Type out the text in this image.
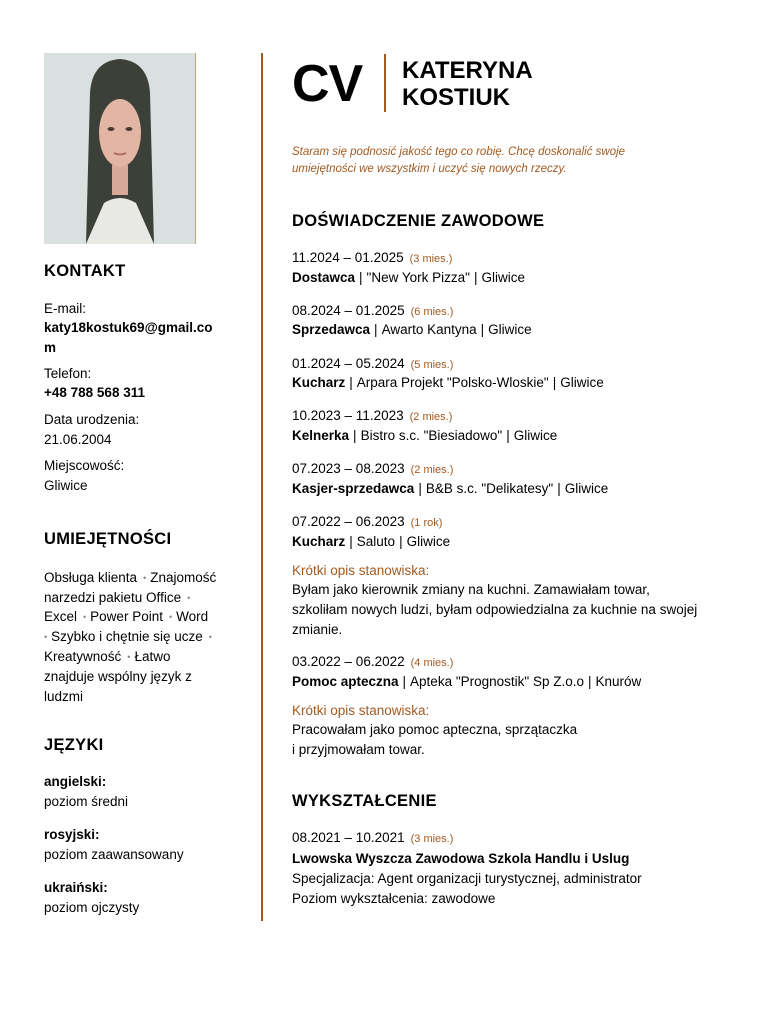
KONTAKT
E-mail:
katy18kostuk69@gmail.co
m
Telefon:
+48 788 568 311
Data urodzenia:
21.06.2004
Miejscowość:
Gliwice
UMIEJĘTNOŚCI
Obsługa klienta • Znajomość
narzedzi pakietu Office •
Excel • Power Point • Word
• Szybko i chętnie się ucze •
Kreatywność • Łatwo
znajduje wspólny język z
ludzmi
JĘZYKI
angielski:
poziom średni
rosyjski:
poziom zaawansowany
ukraiński:
poziom ojczysty
CV KATERYNA
KOSTIUK
Staram się podnosić jakość tego co robię. Chcę doskonalić swoje
umiejętności we wszystkim i uczyć się nowych rzeczy.
DOŚWIADCZENIE ZAWODOWE
11.2024 – 01.2025 (3 mies.)
Dostawca | "New York Pizza" | Gliwice
08.2024 – 01.2025 (6 mies.)
Sprzedawca | Awarto Kantyna | Gliwice
01.2024 – 05.2024 (5 mies.)
Kucharz | Arpara Projekt "Polsko-Wloskie" | Gliwice
10.2023 – 11.2023 (2 mies.)
Kelnerka | Bistro s.c. "Biesiadowo" | Gliwice
07.2023 – 08.2023 (2 mies.)
Kasjer-sprzedawca | B&B s.c. "Delikatesy" | Gliwice
07.2022 – 06.2023 (1 rok)
Kucharz | Saluto | Gliwice
Krótki opis stanowiska:
Byłam jako kierownik zmiany na kuchni. Zamawiałam towar,
szkoliłam nowych ludzi, byłam odpowiedzialna za kuchnie na swojej
zmianie.
03.2022 – 06.2022 (4 mies.)
Pomoc apteczna | Apteka "Prognostik" Sp Z.o.o | Knurów
Krótki opis stanowiska:
Pracowałam jako pomoc apteczna, sprzątaczka
i przyjmowałam towar.
WYKSZTAŁCENIE
08.2021 – 10.2021 (3 mies.)
Lwowska Wyszcza Zawodowa Szkola Handlu i Uslug
Specjalizacja: Agent organizacji turystycznej, administrator
Poziom wykształcenia: zawodowe
